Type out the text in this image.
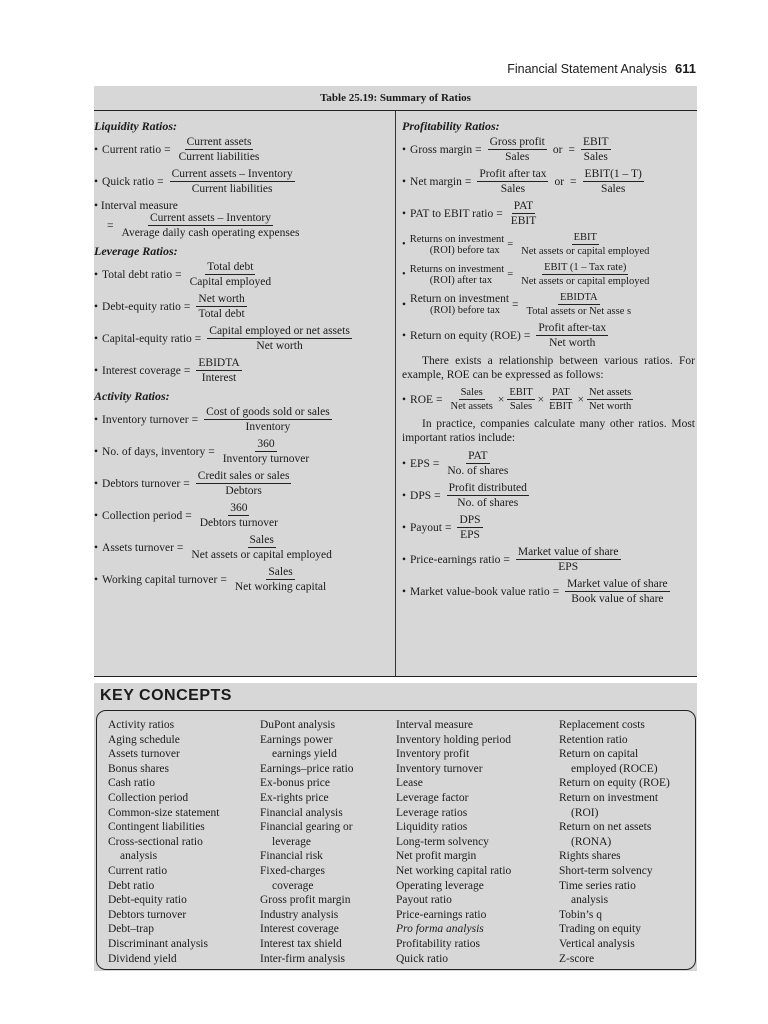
Financial Statement Analysis 611
Table 25.19: Summary of Ratios
Liquidity Ratios:
• Current ratio = $\frac{\text{Current assets}}{\text{Current liabilities}}$
• Quick ratio = $\frac{\text{Current assets – Inventory}}{\text{Current liabilities}}$
• Interval measure
= $\frac{\text{Current assets – Inventory}}{\text{Average daily cash operating expenses}}$
Leverage Ratios:
• Total debt ratio = $\frac{\text{Total debt}}{\text{Capital employed}}$
• Debt-equity ratio = $\frac{\text{Net worth}}{\text{Total debt}}$
• Capital-equity ratio = $\frac{\text{Capital employed or net assets}}{\text{Net worth}}$
• Interest coverage = $\frac{\text{EBIDTA}}{\text{Interest}}$
Activity Ratios:
• Inventory turnover = $\frac{\text{Cost of goods sold or sales}}{\text{Inventory}}$
• No. of days, inventory = $\frac{360}{\text{Inventory turnover}}$
• Debtors turnover = $\frac{\text{Credit sales or sales}}{\text{Debtors}}$
• Collection period = $\frac{360}{\text{Debtors turnover}}$
• Assets turnover = $\frac{\text{Sales}}{\text{Net assets or capital employed}}$
• Working capital turnover = $\frac{\text{Sales}}{\text{Net working capital}}$
Profitability Ratios:
• Gross margin = $\frac{\text{Gross profit}}{\text{Sales}}$ or = $\frac{\text{EBIT}}{\text{Sales}}$
• Net margin = $\frac{\text{Profit after tax}}{\text{Sales}}$ or = $\frac{\text{EBIT(1 – T)}}{\text{Sales}}$
• PAT to EBIT ratio = $\frac{\text{PAT}}{\text{EBIT}}$
• Returns on investment
(ROI) before tax = $\frac{\text{EBIT}}{\text{Net assets or capital employed}}$
• Returns on investment
(ROI) after tax	= $\frac{\text{EBIT (1 – Tax rate)}}{\text{Net assets or capital employed}}$
• Return on investment
(ROI) before tax	= $\frac{\text{EBIDTA}}{\text{Total assets or Net asse s}}$
• Return on equity $(ROE) = \frac{\text{Profit after-tax}}{\text{Net worth}}$
There exists a relationship between various ratios. For example, ROE can be expressed as follows:
• ROE = $\frac{\text{Sales}}{\text{Net assets}} \times \frac{\text{EBIT}}{\text{Sales}} \times \frac{\text{PAT}}{\text{EBIT}} \times \frac{\text{Net assets}}{\text{Net worth}}$
In practice, companies calculate many other ratios. Most important ratios include:
• EPS = $\frac{\text{PAT}}{\text{No. of shares}}$
• DPS = $\frac{\text{Profit distributed}}{\text{No. of shares}}$
• Payout = $\frac{\text{DPS}}{\text{EPS}}$
• Price-earnings ratio = $\frac{\text{Market value of share}}{\text{EPS}}$
• Market value-book value ratio = $\frac{\text{Market value of share}}{\text{Book value of share}}$
KEY CONCEPTS
Activity ratios
Aging schedule
Assets turnover
Bonus shares
Cash ratio
Collection period
Common-size statement
Contingent liabilities
Cross-sectional ratio
analysis
Current ratio
Debt ratio
Debt-equity ratio
Debtors turnover
Debt–trap
Discriminant analysis
Dividend yield
DuPont analysis
Earnings power
earnings yield
Earnings–price ratio
Ex-bonus price
Ex-rights price
Financial analysis
Financial gearing or
leverage
Financial risk
Fixed-charges
coverage
Gross profit margin
Industry analysis
Interest coverage
Interest tax shield
Inter-firm analysis
Interval measure
Inventory holding period
Inventory profit
Inventory turnover
Lease
Leverage factor
Leverage ratios
Liquidity ratios
Long-term solvency
Net profit margin
Net working capital ratio
Operating leverage
Payout ratio
Price-earnings ratio
Pro forma analysis
Profitability ratios
Quick ratio
Replacement costs
Retention ratio
Return on capital
employed (ROCE)
Return on equity (ROE)
Return on investment
(ROI)
Return on net assets
(RONA)
Rights shares
Short-term solvency
Time series ratio
analysis
Tobin’s q
Trading on equity
Vertical analysis
Z-score
